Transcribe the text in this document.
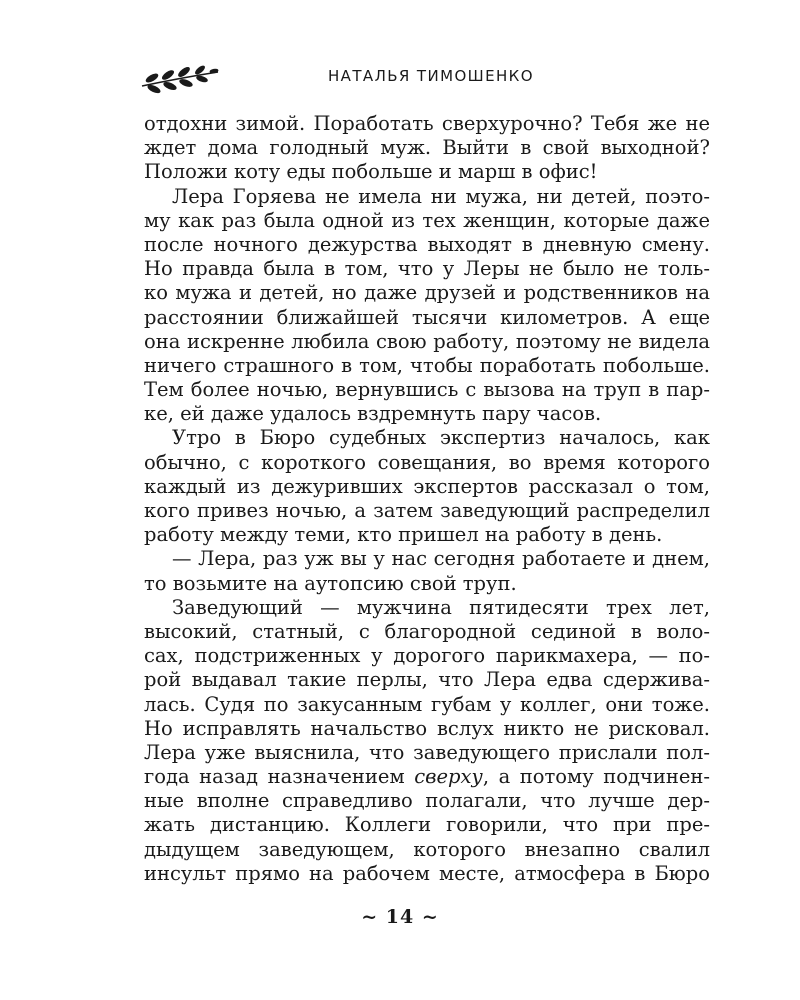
НАТАЛЬЯ ТИМОШЕНКО
отдохни зимой. Поработать сверхурочно? Тебя же не
ждет дома голодный муж. Выйти в свой выходной?
Положи коту еды побольше и марш в офис!
Лера Горяева не имела ни мужа, ни детей, поэто-
му как раз была одной из тех женщин, которые даже
после ночного дежурства выходят в дневную смену.
Но правда была в том, что у Леры не было не толь-
ко мужа и детей, но даже друзей и родственников на
расстоянии ближайшей тысячи километров. А еще
она искренне любила свою работу, поэтому не видела
ничего страшного в том, чтобы поработать побольше.
Тем более ночью, вернувшись с вызова на труп в пар-
ке, ей даже удалось вздремнуть пару часов.
Утро в Бюро судебных экспертиз началось, как
обычно, с короткого совещания, во время которого
каждый из дежуривших экспертов рассказал о том,
кого привез ночью, а затем заведующий распределил
работу между теми, кто пришел на работу в день.
— Лера, раз уж вы у нас сегодня работаете и днем,
то возьмите на аутопсию свой труп.
Заведующий — мужчина пятидесяти трех лет,
высокий, статный, с благородной сединой в воло-
сах, подстриженных у дорогого парикмахера, — по-
рой выдавал такие перлы, что Лера едва сдержива-
лась. Судя по закусанным губам у коллег, они тоже.
Но исправлять начальство вслух никто не рисковал.
Лера уже выяснила, что заведующего прислали пол-
года назад назначением сверху, а потому подчинен-
ные вполне справедливо полагали, что лучше дер-
жать дистанцию. Коллеги говорили, что при пре-
дыдущем заведующем, которого внезапно свалил
инсульт прямо на рабочем месте, атмосфера в Бюро
~ 14 ~
